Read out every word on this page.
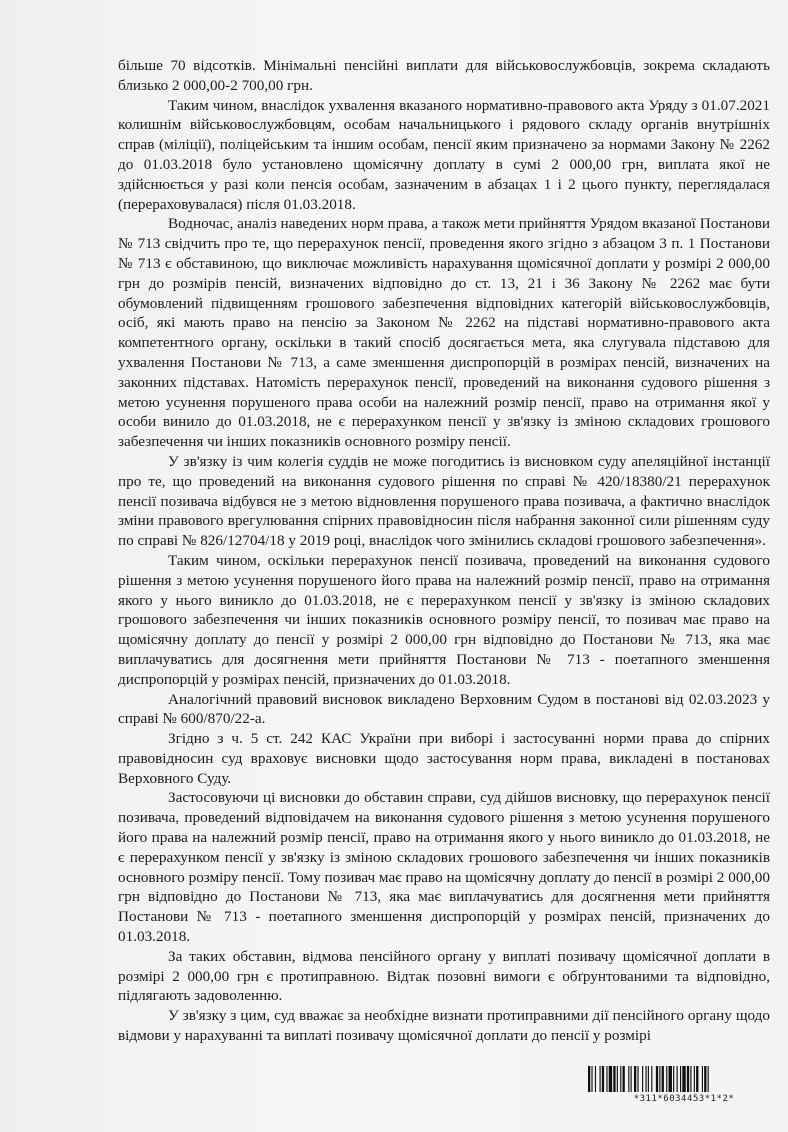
більше 70 відсотків. Мінімальні пенсійні виплати для військовослужбовців, зокрема складають близько 2 000,00-2 700,00 грн.

Таким чином, внаслідок ухвалення вказаного нормативно-правового акта Уряду з 01.07.2021 колишнім військовослужбовцям, особам начальницького і рядового складу органів внутрішніх справ (міліції), поліцейським та іншим особам, пенсії яким призначено за нормами Закону № 2262 до 01.03.2018 було установлено щомісячну доплату в сумі 2 000,00 грн, виплата якої не здійснюється у разі коли пенсія особам, зазначеним в абзацах 1 і 2 цього пункту, переглядалася (перераховувалася) після 01.03.2018.

Водночас, аналіз наведених норм права, а також мети прийняття Урядом вказаної Постанови № 713 свідчить про те, що перерахунок пенсії, проведення якого згідно з абзацом 3 п. 1 Постанови № 713 є обставиною, що виключає можливість нарахування щомісячної доплати у розмірі 2 000,00 грн до розмірів пенсій, визначених відповідно до ст. 13, 21 і 36 Закону № 2262 має бути обумовлений підвищенням грошового забезпечення відповідних категорій військовослужбовців, осіб, які мають право на пенсію за Законом № 2262 на підставі нормативно-правового акта компетентного органу, оскільки в такий спосіб досягається мета, яка слугувала підставою для ухвалення Постанови № 713, а саме зменшення диспропорцій в розмірах пенсій, визначених на законних підставах. Натомість перерахунок пенсії, проведений на виконання судового рішення з метою усунення порушеного права особи на належний розмір пенсії, право на отримання якої у особи винило до 01.03.2018, не є перерахунком пенсії у зв'язку із зміною складових грошового забезпечення чи інших показників основного розміру пенсії.

У зв'язку із чим колегія суддів не може погодитись із висновком суду апеляційної інстанції про те, що проведений на виконання судового рішення по справі № 420/18380/21 перерахунок пенсії позивача відбувся не з метою відновлення порушеного права позивача, а фактично внаслідок зміни правового врегулювання спірних правовідносин після набрання законної сили рішенням суду по справі № 826/12704/18 у 2019 році, внаслідок чого змінились складові грошового забезпечення».

Таким чином, оскільки перерахунок пенсії позивача, проведений на виконання судового рішення з метою усунення порушеного його права на належний розмір пенсії, право на отримання якого у нього виникло до 01.03.2018, не є перерахунком пенсії у зв'язку із зміною складових грошового забезпечення чи інших показників основного розміру пенсії, то позивач має право на щомісячну доплату до пенсії у розмірі 2 000,00 грн відповідно до Постанови № 713, яка має виплачуватись для досягнення мети прийняття Постанови № 713 - поетапного зменшення диспропорцій у розмірах пенсій, призначених до 01.03.2018.

Аналогічний правовий висновок викладено Верховним Судом в постанові від 02.03.2023 у справі № 600/870/22-а.

Згідно з ч. 5 ст. 242 КАС України при виборі і застосуванні норми права до спірних правовідносин суд враховує висновки щодо застосування норм права, викладені в постановах Верховного Суду.

Застосовуючи ці висновки до обставин справи, суд дійшов висновку, що перерахунок пенсії позивача, проведений відповідачем на виконання судового рішення з метою усунення порушеного його права на належний розмір пенсії, право на отримання якого у нього виникло до 01.03.2018, не є перерахунком пенсії у зв'язку із зміною складових грошового забезпечення чи інших показників основного розміру пенсії. Тому позивач має право на щомісячну доплату до пенсії в розмірі 2 000,00 грн відповідно до Постанови № 713, яка має виплачуватись для досягнення мети прийняття Постанови № 713 - поетапного зменшення диспропорцій у розмірах пенсій, призначених до 01.03.2018.

За таких обставин, відмова пенсійного органу у виплаті позивачу щомісячної доплати в розмірі 2 000,00 грн є протиправною. Відтак позовні вимоги є обґрунтованими та відповідно, підлягають задоволенню.

У зв'язку з цим, суд вважає за необхідне визнати протиправними дії пенсійного органу щодо відмови у нарахуванні та виплаті позивачу щомісячної доплати до пенсії у розмірі

*311*6034453*1*2*
